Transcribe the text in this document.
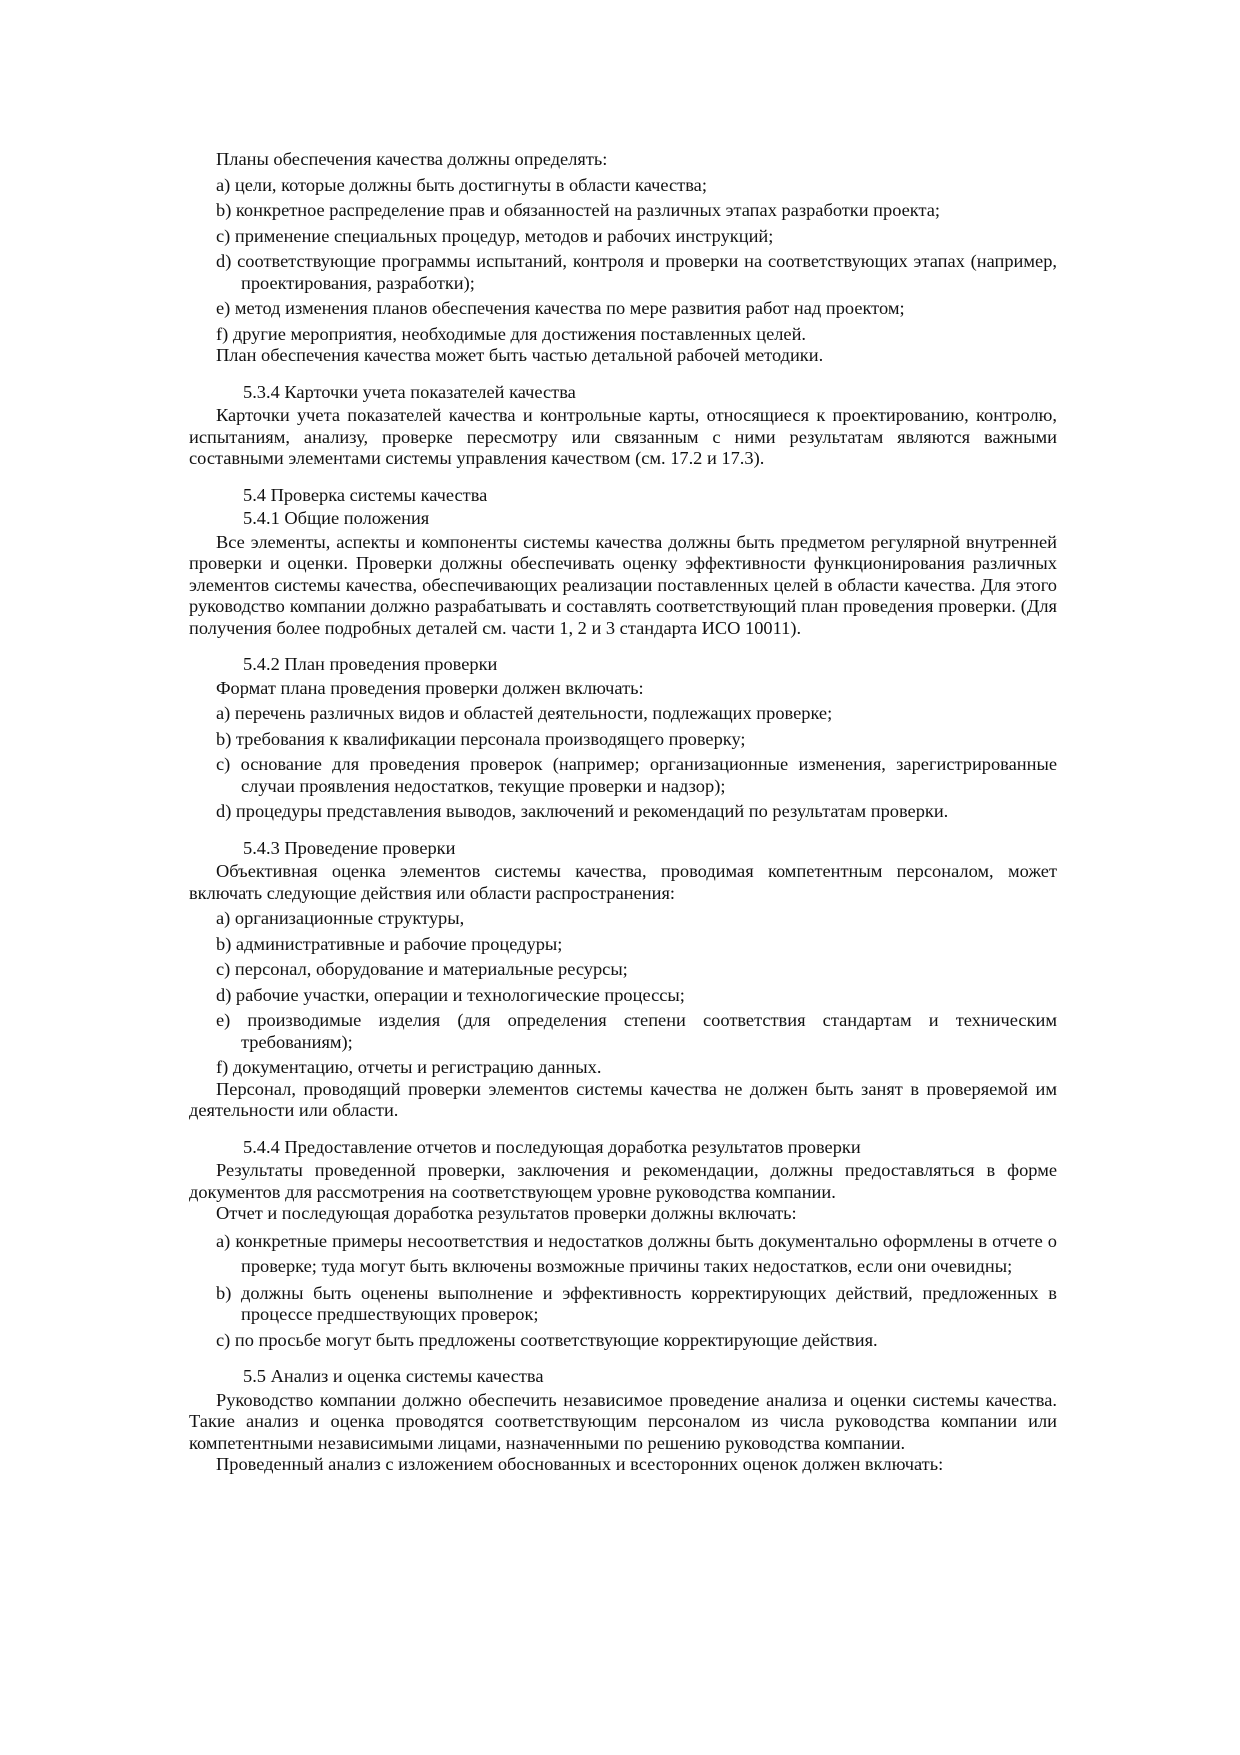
Планы обеспечения качества должны определять:

a) цели, которые должны быть достигнуты в области качества;

b) конкретное распределение прав и обязанностей на различных этапах разработки проекта;

c) применение специальных процедур, методов и рабочих инструкций;

d) соответствующие программы испытаний, контроля и проверки на соответствующих этапах (например, проектирования, разработки);

e) метод изменения планов обеспечения качества по мере развития работ над проектом;

f) другие мероприятия, необходимые для достижения поставленных целей.

План обеспечения качества может быть частью детальной рабочей методики.

5.3.4 Карточки учета показателей качества

Карточки учета показателей качества и контрольные карты, относящиеся к проектированию, контролю, испытаниям, анализу, проверке пересмотру или связанным с ними результатам являются важными составными элементами системы управления качеством (см. 17.2 и 17.3).

5.4 Проверка системы качества

5.4.1 Общие положения

Все элементы, аспекты и компоненты системы качества должны быть предметом регулярной внутренней проверки и оценки. Проверки должны обеспечивать оценку эффективности функционирования различных элементов системы качества, обеспечивающих реализации поставленных целей в области качества. Для этого руководство компании должно разрабатывать и составлять соответствующий план проведения проверки. (Для получения более подробных деталей см. части 1, 2 и 3 стандарта ИСО 10011).

5.4.2 План проведения проверки

Формат плана проведения проверки должен включать:

a) перечень различных видов и областей деятельности, подлежащих проверке;

b) требования к квалификации персонала производящего проверку;

c) основание для проведения проверок (например; организационные изменения, зарегистрированные случаи проявления недостатков, текущие проверки и надзор);

d) процедуры представления выводов, заключений и рекомендаций по результатам проверки.

5.4.3 Проведение проверки

Объективная оценка элементов системы качества, проводимая компетентным персоналом, может включать следующие действия или области распространения:

a) организационные структуры,

b) административные и рабочие процедуры;

c) персонал, оборудование и материальные ресурсы;

d) рабочие участки, операции и технологические процессы;

e) производимые изделия (для определения степени соответствия стандартам и техническим требованиям);

f) документацию, отчеты и регистрацию данных.

Персонал, проводящий проверки элементов системы качества не должен быть занят в проверяемой им деятельности или области.

5.4.4 Предоставление отчетов и последующая доработка результатов проверки

Результаты проведенной проверки, заключения и рекомендации, должны предоставляться в форме документов для рассмотрения на соответствующем уровне руководства компании.

Отчет и последующая доработка результатов проверки должны включать:

a) конкретные примеры несоответствия и недостатков должны быть документально оформлены в отчете о проверке; туда могут быть включены возможные причины таких недостатков, если они очевидны;

b) должны быть оценены выполнение и эффективность корректирующих действий, предложенных в процессе предшествующих проверок;

c) по просьбе могут быть предложены соответствующие корректирующие действия.

5.5 Анализ и оценка системы качества

Руководство компании должно обеспечить независимое проведение анализа и оценки системы качества. Такие анализ и оценка проводятся соответствующим персоналом из числа руководства компании или компетентными независимыми лицами, назначенными по решению руководства компании.

Проведенный анализ с изложением обоснованных и всесторонних оценок должен включать:
